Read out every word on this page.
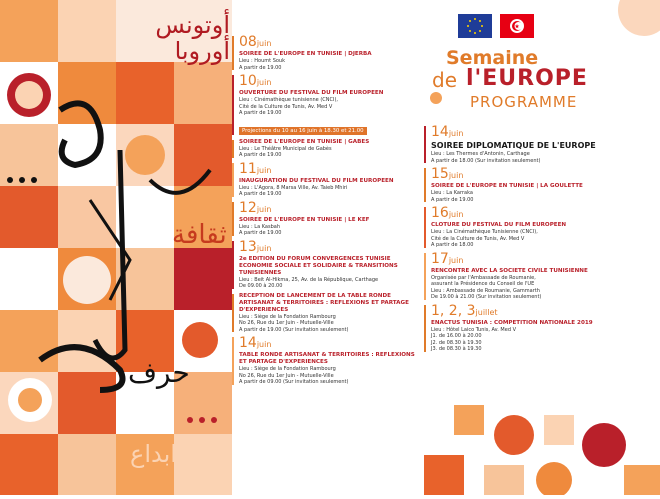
أوتونس
أوروبا
ثقافة
حرف
ابداع
08juin
SOIREE DE L'EUROPE EN TUNISIE | DJERBA
Lieu : Houmt Souk
A partir de 19.00
10juin
OUVERTURE DU FESTIVAL DU FILM EUROPEEN
Lieu : Cinémathèque tunisienne (CNCI),
Cité de la Culture de Tunis, Av. Med V
A partir de 19.00
Projections du 10 au 16 juin à 18.30 et 21.00
SOIREE DE L'EUROPE EN TUNISIE | GABES
Lieu : Le Théâtre Municipal de Gabès
A partir de 19.00
11juin
INAUGURATION DU FESTIVAL DU FILM EUROPEEN
Lieu : L'Agora, 8 Marsa Ville, Av. Taieb Mhiri
A partir de 19.00
12juin
SOIREE DE L'EUROPE EN TUNISIE | LE KEF
Lieu : La Kasbah
A partir de 19.00
13juin
2e EDITION DU FORUM CONVERGENCES TUNISIE ECONOMIE SOCIALE ET SOLIDAIRE & TRANSITIONS TUNISIENNES
Lieu : Beit Al-Hikma, 25, Av. de la République, Carthage
De 09.00 à 20.00
RECEPTION DE LANCEMENT DE LA TABLE RONDE ARTISANAT & TERRITOIRES : REFLEXIONS ET PARTAGE D'EXPERIENCES
Lieu : Siège de la Fondation Rambourg
No 26, Rue du 1er Juin - Mutuelle-Ville
A partir de 19.00 (Sur invitation seulement)
14juin
TABLE RONDE ARTISANAT & TERRITOIRES : REFLEXIONS ET PARTAGE D'EXPERIENCES
Lieu : Siège de la Fondation Rambourg
No 26, Rue du 1er Juin - Mutuelle-Ville
A partir de 09.00 (Sur invitation seulement)
Semaine
de l'EUROPE
PROGRAMME
14juin
SOIREE DIPLOMATIQUE DE L'EUROPE
Lieu : Les Thermes d'Antonin, Carthage
A partir de 18.00 (Sur invitation seulement)
15juin
SOIREE DE L'EUROPE EN TUNISIE | LA GOULETTE
Lieu : La Karraka
A partir de 19.00
16juin
CLOTURE DU FESTIVAL DU FILM EUROPEEN
Lieu : La Cinémathèque Tunisienne (CNCI),
Cité de la Culture de Tunis, Av. Med V
A partir de 18.00
17juin
RENCONTRE AVEC LA SOCIETE CIVILE TUNISIENNE
Organisée par l'Ambassade de Roumanie,
assurant la Présidence du Conseil de l'UE
Lieu : Ambassade de Roumanie, Gammarth
De 19.00 à 21.00 (Sur invitation seulement)
1, 2, 3juillet
ENACTUS TUNISIA : COMPETITION NATIONALE 2019
Lieu : Hôtel Laico Tunis, Av. Med V
J1. de 16.00 à 20.00
J2. de 08.30 à 19.30
J3. de 08.30 à 19.30
